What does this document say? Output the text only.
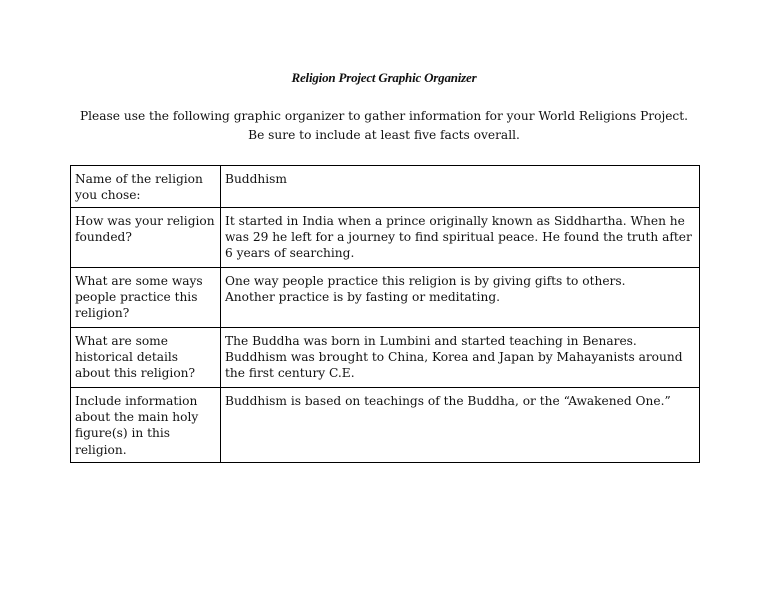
Religion Project Graphic Organizer
Please use the following graphic organizer to gather information for your World Religions Project. Be sure to include at least five facts overall.
Name of the religion you chose:	Buddhism

How was your religion founded?	It started in India when a prince originally known as Siddhartha. When he was 29 he left for a journey to find spiritual peace. He found the truth after 6 years of searching.

What are some ways people practice this religion?	One way people practice this religion is by giving gifts to others.
Another practice is by fasting or meditating.

What are some historical details about this religion?	The Buddha was born in Lumbini and started teaching in Benares. Buddhism was brought to China, Korea and Japan by Mahayanists around the first century C.E.

Include information about the main holy figure(s) in this religion.	Buddhism is based on teachings of the Buddha, or the “Awakened One.”
